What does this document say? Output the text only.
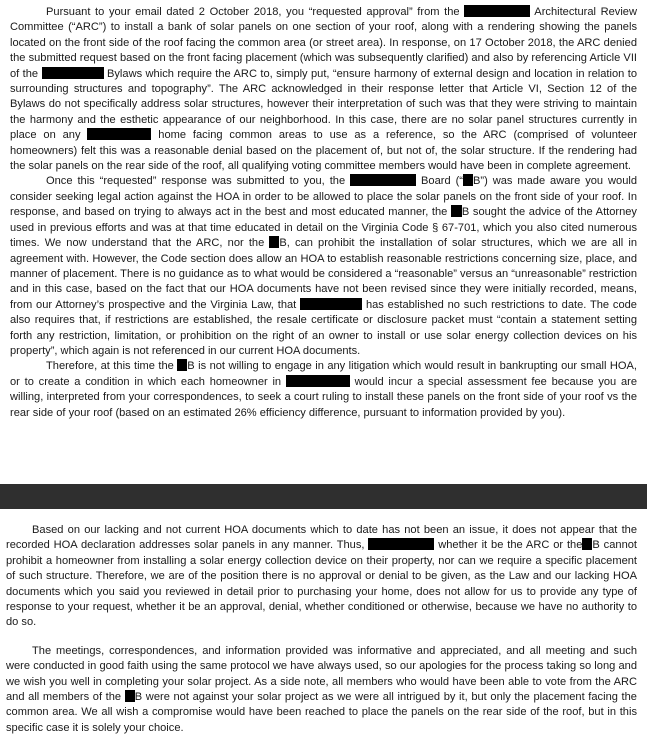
Pursuant to your email dated 2 October 2018, you “requested approval” from the	Architectural Review Committee (“ARC”) to install a bank of solar panels on one section of your roof, along with a rendering showing the panels located on the front side of the roof facing the common area (or street area). In response, on 17 October 2018, the ARC denied the submitted request based on the front facing placement (which was subsequently clarified) and also by referencing Article VII of the	Bylaws which require the ARC to, simply put, “ensure harmony of external design and location in relation to surrounding structures and topography”. The ARC acknowledged in their response letter that Article VI, Section 12 of the Bylaws do not specifically address solar structures, however their interpretation of such was that they were striving to maintain the harmony and the esthetic appearance of our neighborhood. In this case, there are no solar panel structures currently in place on any	home facing common areas to use as a reference, so the ARC (comprised of volunteer homeowners) felt this was a reasonable denial based on the placement of, but not of, the solar structure. If the rendering had the solar panels on the rear side of the roof, all qualifying voting committee members would have been in complete agreement.

Once this “requested” response was submitted to you, the	Board (“ B”) was made aware you would consider seeking legal action against the HOA in order to be allowed to place the solar panels on the front side of your roof. In response, and based on trying to always act in the best and most educated manner, the B sought the advice of the Attorney used in previous efforts and was at that time educated in detail on the Virginia Code § 67-701, which you also cited numerous times. We now understand that the ARC, nor the B, can prohibit the installation of solar structures, which we are all in agreement with. However, the Code section does allow an HOA to establish reasonable restrictions concerning size, place, and manner of placement. There is no guidance as to what would be considered a “reasonable” versus an “unreasonable” restriction and in this case, based on the fact that our HOA documents have not been revised since they were initially recorded, means, from our Attorney’s prospective and the Virginia Law, that	has established no such restrictions to date. The code also requires that, if restrictions are established, the resale certificate or disclosure packet must “contain a statement setting forth any restriction, limitation, or prohibition on the right of an owner to install or use solar energy collection devices on his property”, which again is not referenced in our current HOA documents.

Therefore, at this time the B is not willing to engage in any litigation which would result in bankrupting our small HOA, or to create a condition in which each homeowner in	would incur a special assessment fee because you are willing, interpreted from your correspondences, to seek a court ruling to install these panels on the front side of your roof vs the rear side of your roof (based on an estimated 26% efficiency difference, pursuant to information provided by you).

Based on our lacking and not current HOA documents which to date has not been an issue, it does not appear that the recorded HOA declaration addresses solar panels in any manner. Thus,	whether it be the ARC or the B cannot prohibit a homeowner from installing a solar energy collection device on their property, nor can we require a specific placement of such structure. Therefore, we are of the position there is no approval or denial to be given, as the Law and our lacking HOA documents which you said you reviewed in detail prior to purchasing your home, does not allow for us to provide any type of response to your request, whether it be an approval, denial, whether conditioned or otherwise, because we have no authority to do so.

The meetings, correspondences, and information provided was informative and appreciated, and all meeting and such were conducted in good faith using the same protocol we have always used, so our apologies for the process taking so long and we wish you well in completing your solar project. As a side note, all members who would have been able to vote from the ARC and all members of the B were not against your solar project as we were all intrigued by it, but only the placement facing the common area. We all wish a compromise would have been reached to place the panels on the rear side of the roof, but in this specific case it is solely your choice.
